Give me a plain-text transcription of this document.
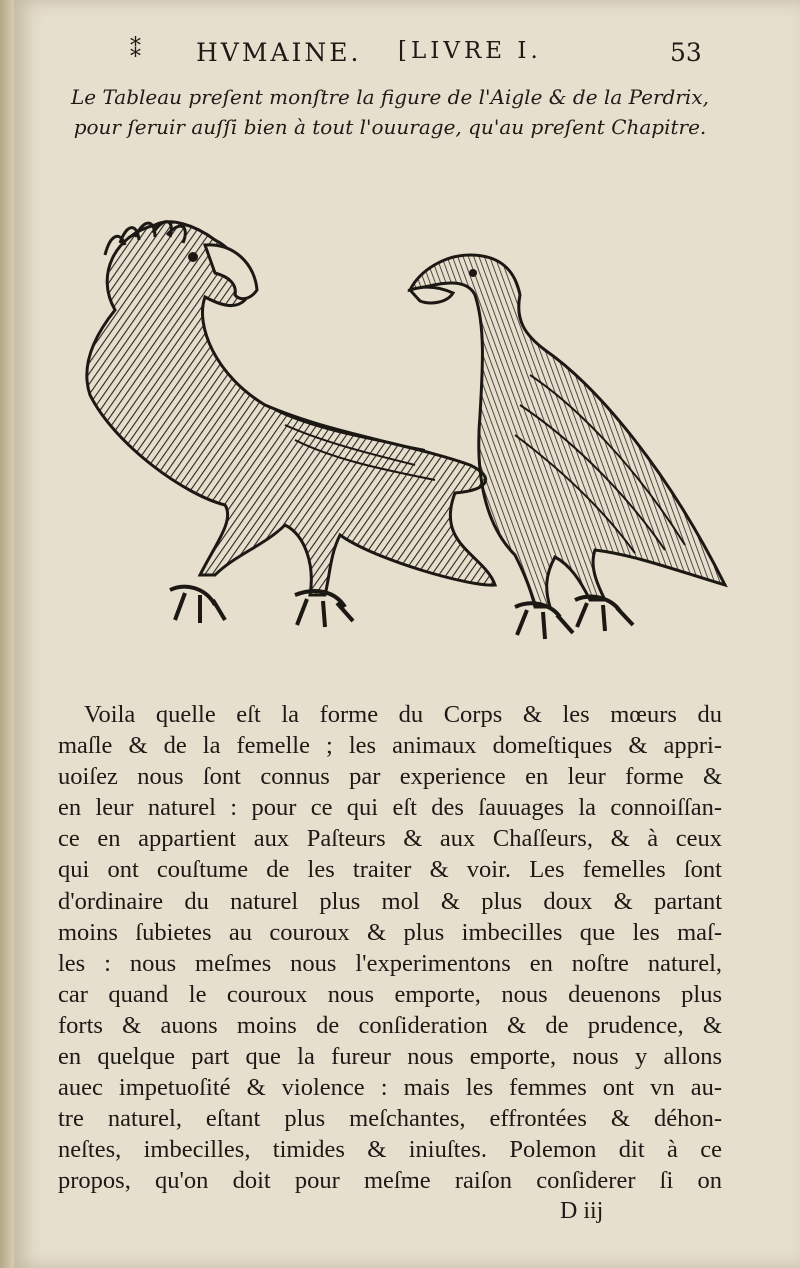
⁑ HVMAINE. [LIVRE I.	53
Le Tableau preſent monſtre la figure de l'Aigle & de la Perdrix, pour ſeruir auſſi bien à tout l'ouurage, qu'au preſent Chapitre.
Voila quelle eſt la forme du Corps & les mœurs du
maſle & de la femelle ; les animaux domeſtiques & appri-
uoiſez nous ſont connus par experience en leur forme &
en leur naturel : pour ce qui eſt des ſauuages la connoiſſan-
ce en appartient aux Paſteurs & aux Chaſſeurs, & à ceux
qui ont couſtume de les traiter & voir. Les femelles ſont
d'ordinaire du naturel plus mol & plus doux & partant
moins ſubietes au couroux & plus imbecilles que les maſ-
les : nous meſmes nous l'experimentons en noſtre naturel,
car quand le couroux nous emporte, nous deuenons plus
forts & auons moins de conſideration & de prudence, &
en quelque part que la fureur nous emporte, nous y allons
auec impetuoſité & violence : mais les femmes ont vn au-
tre naturel, eſtant plus meſchantes, effrontées & déhon-
neſtes, imbecilles, timides & iniuſtes. Polemon dit à ce
propos, qu'on doit pour meſme raiſon conſiderer ſi on
D iij
